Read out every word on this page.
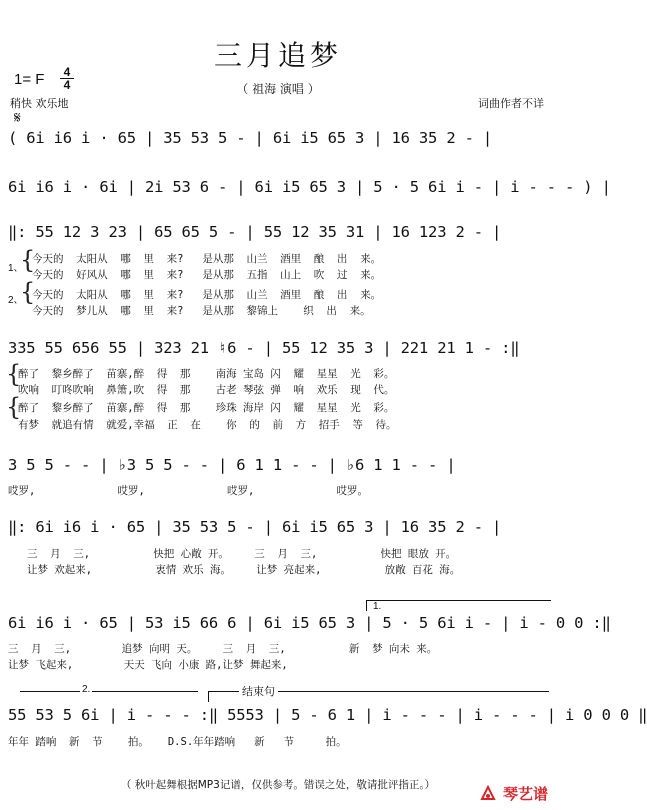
三月追梦
（ 祖海 演唱 ）
1= F	4
4
稍快 欢乐地	词曲作者不详
𝄋
( 6i i6 i · 65 | 35 53 5 - | 6i i5 65 3 | 16 35 2 - |
6i i6 i · 6i | 2i 53 6 - | 6i i5 65 3 | 5 · 5 6i i - | i - - - ) |
‖: 55 12 3 23 | 65 65 5 - | 55 12 35 31 | 16 123 2 - |
1、
2、
{
{
今天的  太阳从  哪  里  来?   是从那  山兰  酒里  酿  出  来。
今天的  好风从  哪  里  来?   是从那  五指  山上  吹  过  来。
今天的  太阳从  哪  里  来?   是从那  山兰  酒里  酿  出  来。
今天的  梦儿从  哪  里  来?   是从那  黎锦上    织  出  来。
335 55 656 55 | 323 21 ♮6 - | 55 12 35 3 | 221 21 1 - :‖
{
{
醉了  黎乡醉了  苗寨,醉  得  那    南海 宝岛 闪  耀  星星  光  彩。
吹响  叮咚吹响  鼻箫,吹  得  那    古老 琴弦 弹  响  欢乐  现  代。
醉了  黎乡醉了  苗寨,醉  得  那    珍珠 海岸 闪  耀  星星  光  彩。
有梦  就追有情  就爱,幸福  正  在    你  的  前  方  招手  等  待。
3 5 5 - - | ♭3 5 5 - - | 6 1 1 - - | ♭6 1 1 - - |
哎罗,             哎罗,             哎罗,             哎罗。
‖: 6i i6 i · 65 | 35 53 5 - | 6i i5 65 3 | 16 35 2 - |
三  月  三,          快把 心敞 开。    三  月  三,          快把 眼放 开。
让梦 欢起来,          衷情 欢乐 海。    让梦 亮起来,          放敞 百花 海。
1.
6i i6 i · 65 | 53 i5 66 6 | 6i i5 65 3 | 5 · 5 6i i - | i - 0 0 :‖
三  月  三,        追梦 向明 天。    三  月  三,          新  梦 向未 来。
让梦 飞起来,        天天 飞向 小康 路,让梦 舞起来,
2.	结束句
55 53 5 6i | i - - - :‖ 5553 | 5 - 6 1 | i - - - | i - - - | i 0 0 0 ‖
年年 踏响  新  节    拍。   D.S.年年踏响   新   节     拍。
（ 秋叶起舞根据MP3记谱，仅供参考。错误之处，敬请批评指正。）	琴艺谱
